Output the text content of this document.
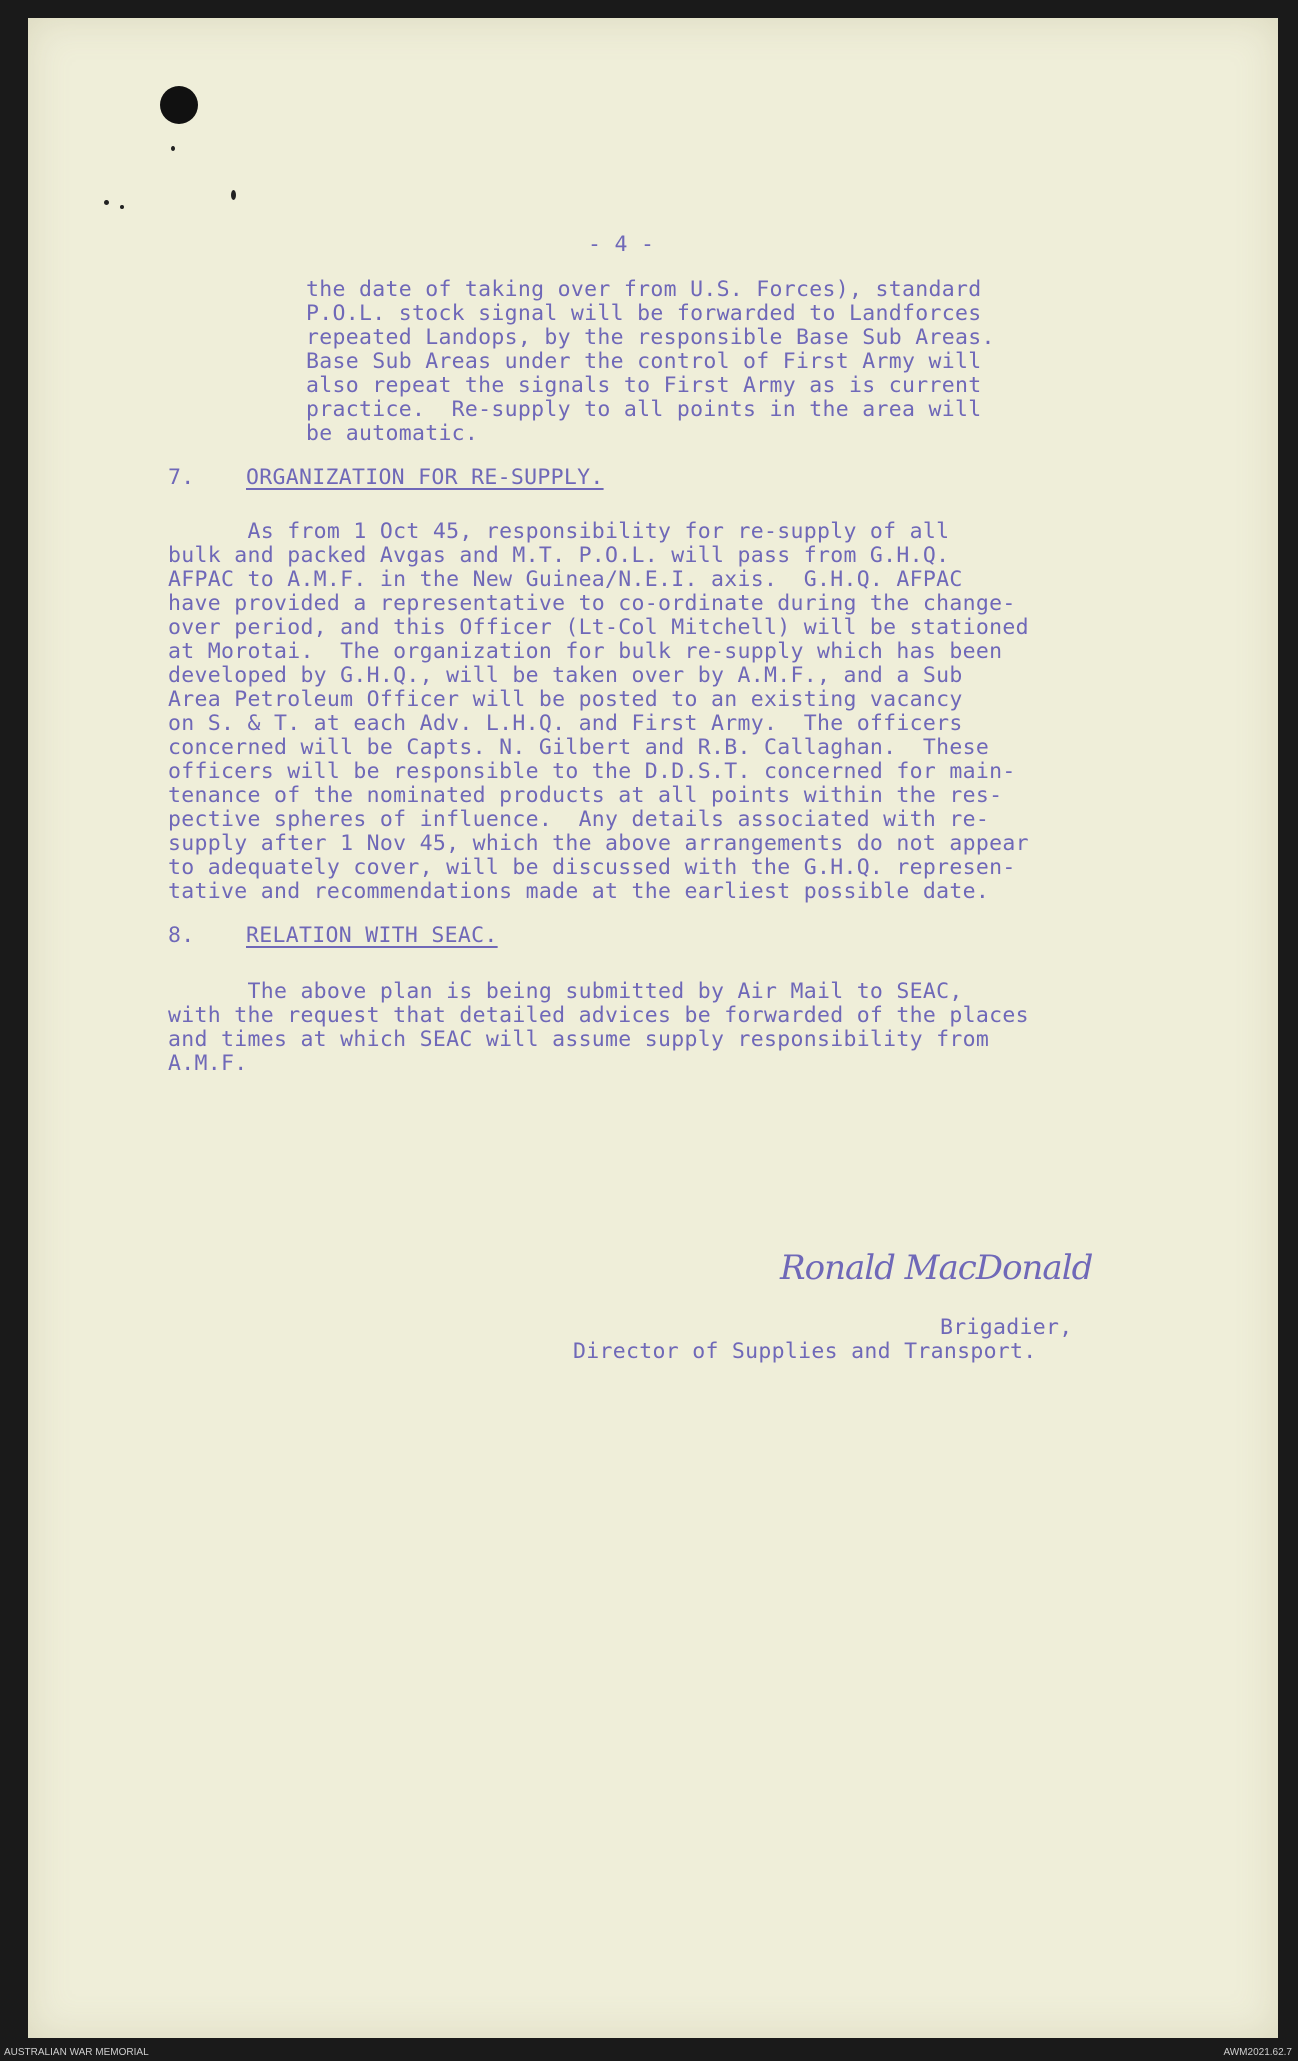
- 4 -
the date of taking over from U.S. Forces), standard
P.O.L. stock signal will be forwarded to Landforces
repeated Landops, by the responsible Base Sub Areas.
Base Sub Areas under the control of First Army will
also repeat the signals to First Army as is current
practice.  Re-supply to all points in the area will
be automatic.
7. ORGANIZATION FOR RE-SUPPLY.
As from 1 Oct 45, responsibility for re-supply of all
bulk and packed Avgas and M.T. P.O.L. will pass from G.H.Q.
AFPAC to A.M.F. in the New Guinea/N.E.I. axis.  G.H.Q. AFPAC
have provided a representative to co-ordinate during the change-
over period, and this Officer (Lt-Col Mitchell) will be stationed
at Morotai.  The organization for bulk re-supply which has been
developed by G.H.Q., will be taken over by A.M.F., and a Sub
Area Petroleum Officer will be posted to an existing vacancy
on S. & T. at each Adv. L.H.Q. and First Army.  The officers
concerned will be Capts. N. Gilbert and R.B. Callaghan.  These
officers will be responsible to the D.D.S.T. concerned for main-
tenance of the nominated products at all points within the res-
pective spheres of influence.  Any details associated with re-
supply after 1 Nov 45, which the above arrangements do not appear
to adequately cover, will be discussed with the G.H.Q. represen-
tative and recommendations made at the earliest possible date.
8. RELATION WITH SEAC.
The above plan is being submitted by Air Mail to SEAC,
with the request that detailed advices be forwarded of the places
and times at which SEAC will assume supply responsibility from
A.M.F.
Ronald MacDonald
Brigadier,
Director of Supplies and Transport.
AUSTRALIAN WAR MEMORIAL	AWM2021.62.7
